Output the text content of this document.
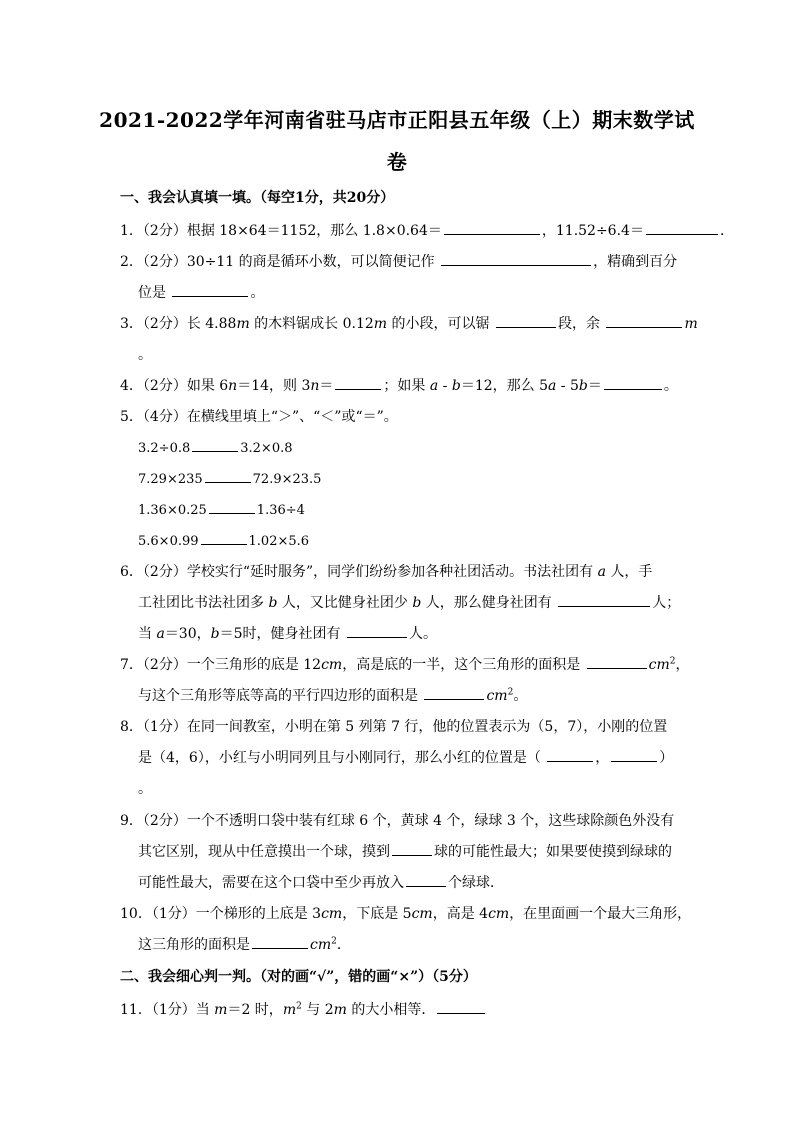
2021-2022学年河南省驻马店市正阳县五年级（上）期末数学试
卷
一、我会认真填一填。（每空1分，共20分）
1．（2分）根据 18×64＝1152，那么 1.8×0.64＝	，11.52÷6.4＝	．
2．（2分）30÷11 的商是循环小数，可以简便记作	，精确到百分
位是	。
3．（2分）长 4.88m 的木料锯成长 0.12m 的小段，可以锯	段，余	m
。
4．（2分）如果 6n＝14，则 3n＝	；如果 a - b＝12，那么 5a - 5b＝	。
5．（4分）在横线里填上“＞”、“＜”或“＝”。
3.2÷0.8	3.2×0.8
7.29×235	72.9×23.5
1.36×0.25	1.36÷4
5.6×0.99	1.02×5.6
6．（2分）学校实行“延时服务”，同学们纷纷参加各种社团活动。书法社团有 a 人，手
工社团比书法社团多 b 人，又比健身社团少 b 人，那么健身社团有	人；
当 a＝30，b＝5时，健身社团有	人。
7．（2分）一个三角形的底是 12cm，高是底的一半，这个三角形的面积是	$cm^2$，
与这个三角形等底等高的平行四边形的面积是	$cm^2$。
8．（1分）在同一间教室，小明在第 5 列第 7 行，他的位置表示为（5，7），小刚的位置
是（4，6），小红与小明同列且与小刚同行，那么小红的位置是（	，	）
。
9．（2分）一个不透明口袋中装有红球 6 个，黄球 4 个，绿球 3 个，这些球除颜色外没有
其它区别，现从中任意摸出一个球，摸到	球的可能性最大；如果要使摸到绿球的
可能性最大，需要在这个口袋中至少再放入	个绿球．
10．（1分）一个梯形的上底是 3cm，下底是 5cm，高是 4cm，在里面画一个最大三角形，
这三角形的面积是	$cm^2$．
二、我会细心判一判。（对的画“√”，错的画“×”）（5分）
11．（1分）当 m＝2 时，$m^2$ 与 2m 的大小相等．
